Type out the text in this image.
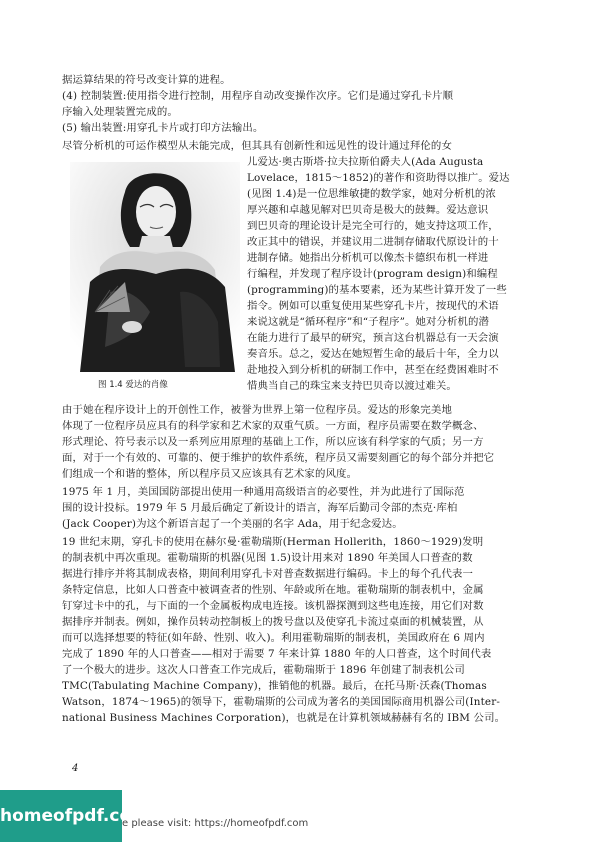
据运算结果的符号改变计算的进程。
(4) 控制装置:使用指令进行控制，用程序自动改变操作次序。它们是通过穿孔卡片顺
序输入处理装置完成的。
(5) 输出装置:用穿孔卡片或打印方法输出。
尽管分析机的可运作模型从未能完成，但其具有创新性和远见性的设计通过拜伦的女
儿爱达·奥古斯塔·拉夫拉斯伯爵夫人(Ada Augusta
Lovelace，1815～1852)的著作和资助得以推广。爱达
(见图 1.4)是一位思维敏捷的数学家，她对分析机的浓
厚兴趣和卓越见解对巴贝奇是极大的鼓舞。爱达意识
到巴贝奇的理论设计是完全可行的，她支持这项工作，
改正其中的错误，并建议用二进制存储取代原设计的十
进制存储。她指出分析机可以像杰卡德织布机一样进
行编程，并发现了程序设计(program design)和编程
(programming)的基本要素，还为某些计算开发了一些
指令。例如可以重复使用某些穿孔卡片，按现代的术语
来说这就是“循环程序”和“子程序”。她对分析机的潜
在能力进行了最早的研究，预言这台机器总有一天会演
奏音乐。总之，爱达在她短暂生命的最后十年，全力以
赴地投入到分析机的研制工作中，甚至在经费困难时不
惜典当自己的珠宝来支持巴贝奇以渡过难关。
图 1.4 爱达的肖像
由于她在程序设计上的开创性工作，被誉为世界上第一位程序员。爱达的形象完美地
体现了一位程序员应具有的科学家和艺术家的双重气质。一方面，程序员需要在数学概念、
形式理论、符号表示以及一系列应用原理的基础上工作，所以应该有科学家的气质；另一方
面，对于一个有效的、可靠的、便于维护的软件系统，程序员又需要刻画它的每个部分并把它
们组成一个和谐的整体，所以程序员又应该具有艺术家的风度。
1975 年 1 月，美国国防部提出使用一种通用高级语言的必要性，并为此进行了国际范
围的设计投标。1979 年 5 月最后确定了新设计的语言，海军后勤司令部的杰克·库柏
(Jack Cooper)为这个新语言起了一个美丽的名字 Ada，用于纪念爱达。
19 世纪末期，穿孔卡的使用在赫尔曼·霍勒瑞斯(Herman Hollerith，1860～1929)发明
的制表机中再次重现。霍勒瑞斯的机器(见图 1.5)设计用来对 1890 年美国人口普查的数
据进行排序并将其制成表格，期间利用穿孔卡对普查数据进行编码。卡上的每个孔代表一
条特定信息，比如人口普查中被调查者的性别、年龄或所在地。霍勒瑞斯的制表机中，金属
钉穿过卡中的孔，与下面的一个金属板构成电连接。该机器探测到这些电连接，用它们对数
据排序并制表。例如，操作员转动控制板上的拨号盘以及使穿孔卡流过桌面的机械装置，从
而可以选择想要的特征(如年龄、性别、收入)。利用霍勒瑞斯的制表机，美国政府在 6 周内
完成了 1890 年的人口普查——相对于需要 7 年来计算 1880 年的人口普查，这个时间代表
了一个极大的进步。这次人口普查工作完成后，霍勒瑞斯于 1896 年创建了制表机公司
TMC(Tabulating Machine Company)，推销他的机器。最后，在托马斯·沃森(Thomas
Watson，1874～1965)的领导下，霍勒瑞斯的公司成为著名的美国国际商用机器公司(Inter-
national Business Machines Corporation)，也就是在计算机领域赫赫有名的 IBM 公司。
4
homeofpdf.com
e please visit: https://homeofpdf.com
